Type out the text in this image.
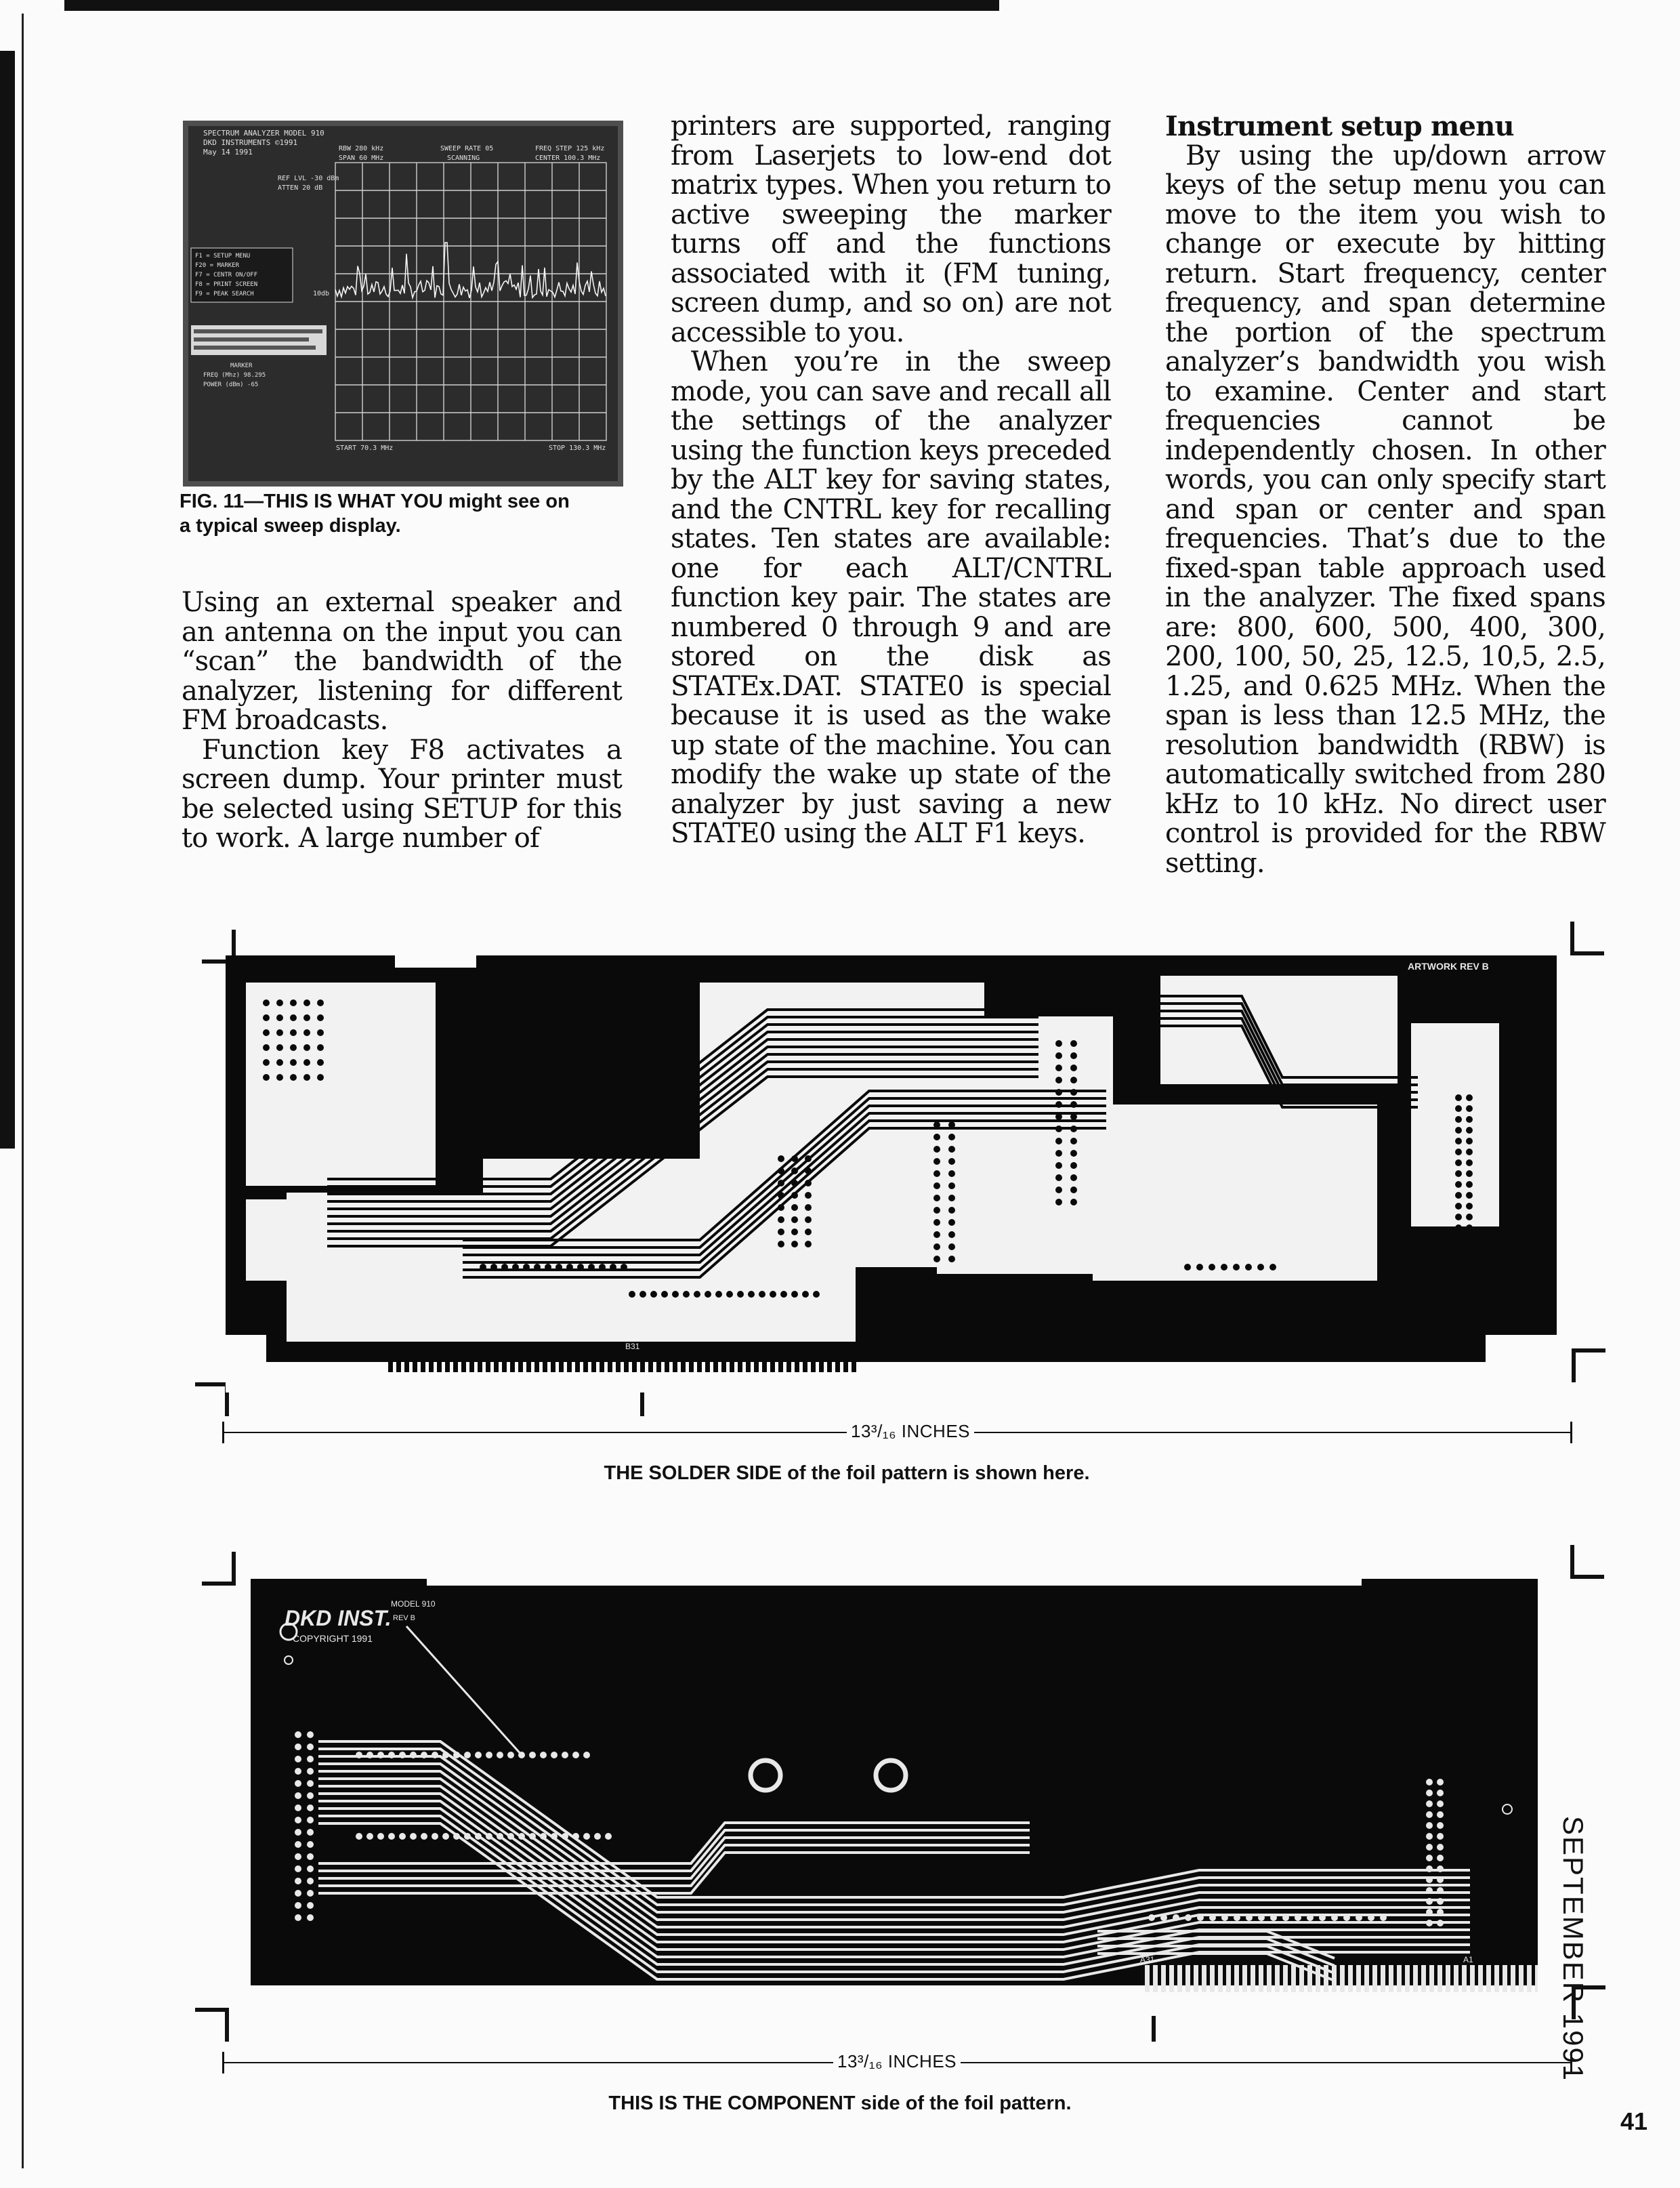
SPECTRUM ANALYZER MODEL 910
DKD INSTRUMENTS ©1991
May 14 1991	RBW 280 kHz	SWEEP RATE 05	FREQ STEP 125 kHz
SPAN 60 MHz	SCANNING	CENTER 100.3 MHz
REF LVL -30 dBm
ATTEN 20 dB
F1 = SETUP MENU
F20 = MARKER
F7 = CENTR ON/OFF
F8 = PRINT SCREEN
F9 = PEAK SEARCH	10db
MARKER
FREQ (Mhz) 98.295
POWER (dBm) -65
START 70.3 MHz	STOP 130.3 MHz
FIG. 11—THIS IS WHAT YOU might see on
a typical sweep display.

Using an external speaker and an antenna on the input you can “scan” the bandwidth of the analyzer, listening for different FM broadcasts.

Function key F8 activates a screen dump. Your printer must be selected using SETUP for this to work. A large number of

printers are supported, ranging from Laserjets to low-end dot matrix types. When you return to active sweeping the marker turns off and the functions associated with it (FM tuning, screen dump, and so on) are not accessible to you.

When you’re in the sweep mode, you can save and recall all the settings of the analyzer using the function keys preceded by the ALT key for saving states, and the CNTRL key for recalling states. Ten states are available: one for each ALT/CNTRL function key pair. The states are numbered 0 through 9 and are stored on the disk as STATEx.DAT. STATE0 is special because it is used as the wake up state of the machine. You can modify the wake up state of the analyzer by just saving a new STATE0 using the ALT F1 keys.

Instrument setup menu

By using the up/down arrow keys of the setup menu you can move to the item you wish to change or execute by hitting return. Start frequency, center frequency, and span determine the portion of the spectrum analyzer’s bandwidth you wish to examine. Center and start frequencies cannot be independently chosen. In other words, you can only specify start and span or center and span frequencies. That’s due to the fixed-span table approach used in the analyzer. The fixed spans are: 800, 600, 500, 400, 300, 200, 100, 50, 25, 12.5, 10,5, 2.5, 1.25, and 0.625 MHz. When the span is less than 12.5 MHz, the resolution bandwidth (RBW) is automatically switched from 280 kHz to 10 kHz. No direct user control is provided for the RBW setting.

ARTWORK REV B
B31
13³/₁₆ INCHES
THE SOLDER SIDE of the foil pattern is shown here.
DKD INST.
MODEL 910
REV B
COPYRIGHT 1991
A31	A1
13³/₁₆ INCHES
THIS IS THE COMPONENT side of the foil pattern.
SEPTEMBER 1991
41
